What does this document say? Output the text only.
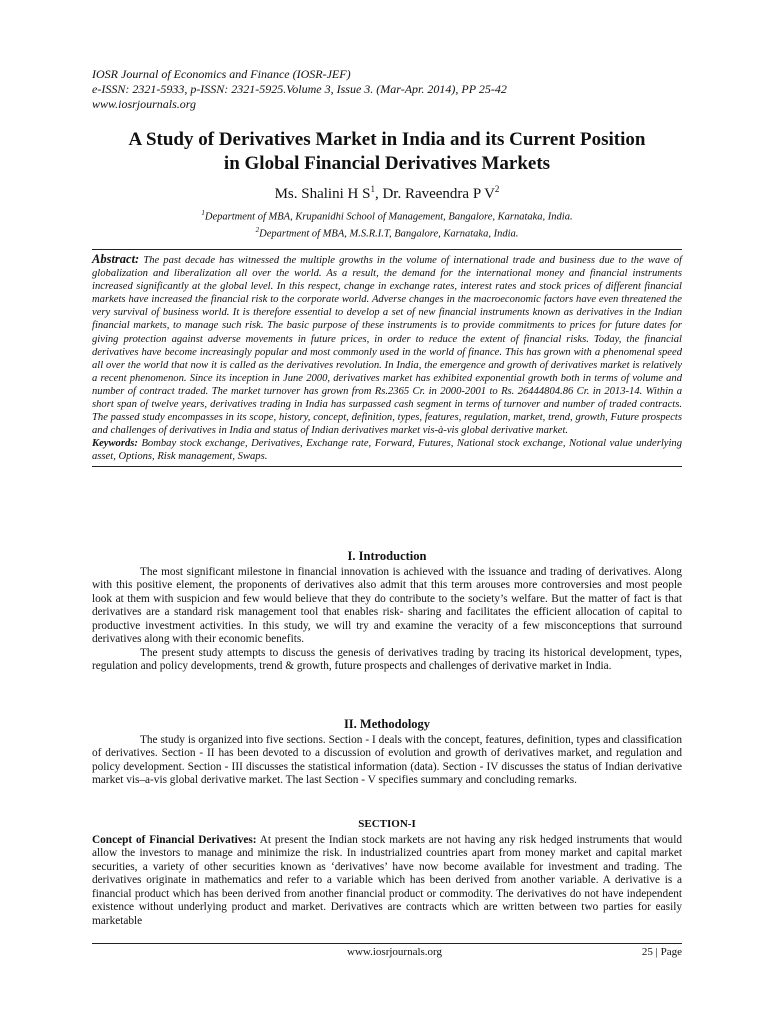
IOSR Journal of Economics and Finance (IOSR-JEF)
e-ISSN: 2321-5933, p-ISSN: 2321-5925.Volume 3, Issue 3. (Mar-Apr. 2014), PP 25-42
www.iosrjournals.org
A Study of Derivatives Market in India and its Current Position
in Global Financial Derivatives Markets
Ms. Shalini H $S^1$, Dr. Raveendra P $V^2$
$^1$Department of MBA, Krupanidhi School of Management, Bangalore, Karnataka, India.
$^2$Department of MBA, M.S.R.I.T, Bangalore, Karnataka, India.

Abstract: The past decade has witnessed the multiple growths in the volume of international trade and business due to the wave of globalization and liberalization all over the world. As a result, the demand for the international money and financial instruments increased significantly at the global level. In this respect, change in exchange rates, interest rates and stock prices of different financial markets have increased the financial risk to the corporate world. Adverse changes in the macroeconomic factors have even threatened the very survival of business world. It is therefore essential to develop a set of new financial instruments known as derivatives in the Indian financial markets, to manage such risk. The basic purpose of these instruments is to provide commitments to prices for future dates for giving protection against adverse movements in future prices, in order to reduce the extent of financial risks. Today, the financial derivatives have become increasingly popular and most commonly used in the world of finance. This has grown with a phenomenal speed all over the world that now it is called as the derivatives revolution. In India, the emergence and growth of derivatives market is relatively a recent phenomenon. Since its inception in June 2000, derivatives market has exhibited exponential growth both in terms of volume and number of contract traded. The market turnover has grown from Rs.2365 Cr. in 2000-2001 to Rs. 26444804.86 Cr. in 2013-14. Within a short span of twelve years, derivatives trading in India has surpassed cash segment in terms of turnover and number of traded contracts. The passed study encompasses in its scope, history, concept, definition, types, features, regulation, market, trend, growth, Future prospects and challenges of derivatives in India and status of Indian derivatives market vis-à-vis global derivative market.

Keywords: Bombay stock exchange, Derivatives, Exchange rate, Forward, Futures, National stock exchange, Notional value underlying asset, Options, Risk management, Swaps.

I. Introduction

The most significant milestone in financial innovation is achieved with the issuance and trading of derivatives. Along with this positive element, the proponents of derivatives also admit that this term arouses more controversies and most people look at them with suspicion and few would believe that they do contribute to the society’s welfare. But the matter of fact is that derivatives are a standard risk management tool that enables risk- sharing and facilitates the efficient allocation of capital to productive investment activities. In this study, we will try and examine the veracity of a few misconceptions that surround derivatives along with their economic benefits.

The present study attempts to discuss the genesis of derivatives trading by tracing its historical development, types, regulation and policy developments, trend & growth, future prospects and challenges of derivative market in India.

II. Methodology

The study is organized into five sections. Section - I deals with the concept, features, definition, types and classification of derivatives. Section - II has been devoted to a discussion of evolution and growth of derivatives market, and regulation and policy development. Section - III discusses the statistical information (data). Section - IV discusses the status of Indian derivative market vis–a-vis global derivative market. The last Section - V specifies summary and concluding remarks.

SECTION-I

Concept of Financial Derivatives: At present the Indian stock markets are not having any risk hedged instruments that would allow the investors to manage and minimize the risk. In industrialized countries apart from money market and capital market securities, a variety of other securities known as ‘derivatives’ have now become available for investment and trading. The derivatives originate in mathematics and refer to a variable which has been derived from another variable. A derivative is a financial product which has been derived from another financial product or commodity. The derivatives do not have independent existence without underlying product and market. Derivatives are contracts which are written between two parties for easily marketable

www.iosrjournals.org	25 | Page
